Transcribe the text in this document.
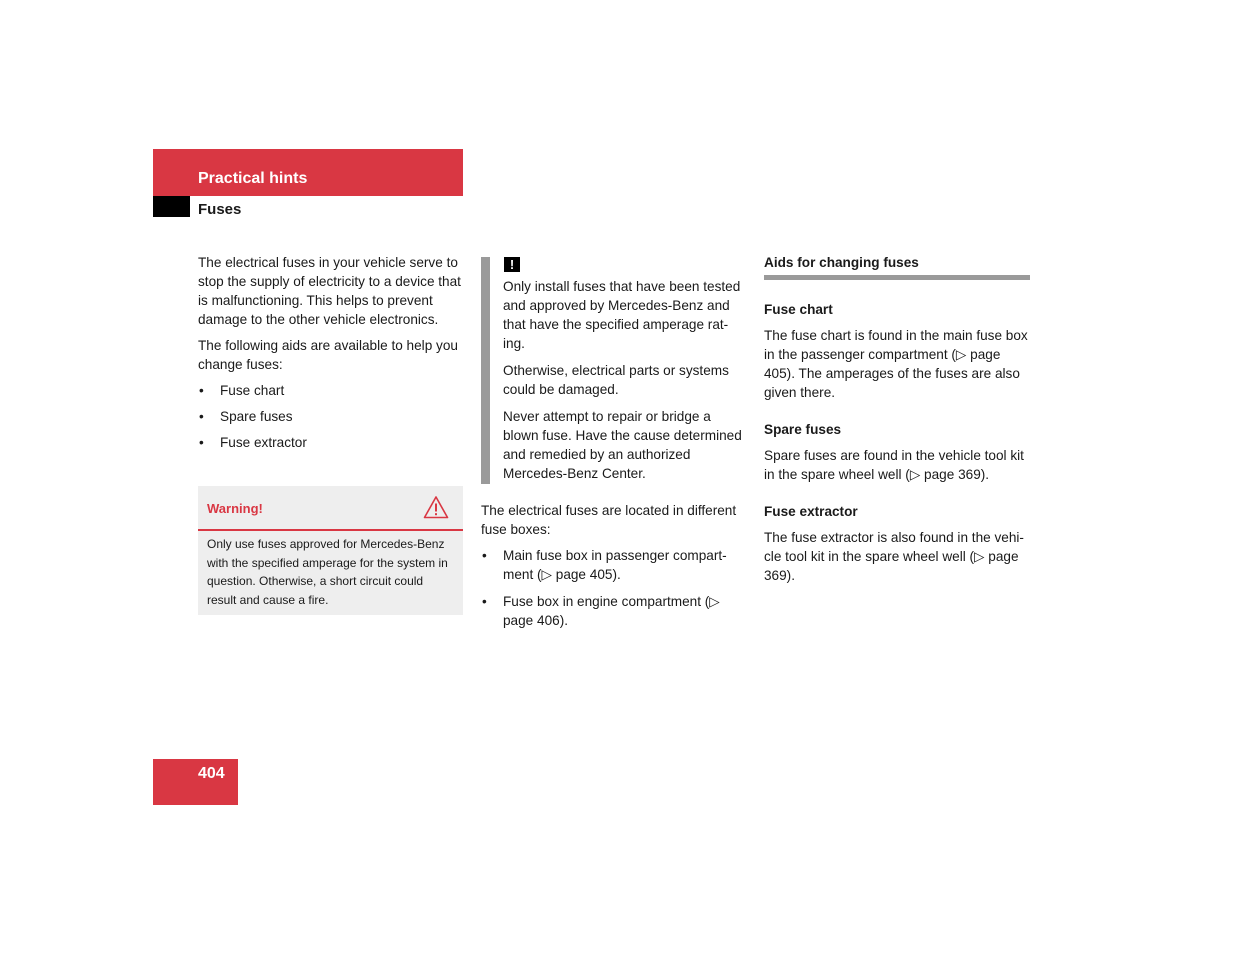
Practical hints
Fuses

The electrical fuses in your vehicle serve to stop the supply of electricity to a device that is malfunctioning. This helps to prevent damage to the other vehicle electronics.

The following aids are available to help you change fuses:

• Fuse chart
• Spare fuses
• Fuse extractor
Warning!
Only use fuses approved for Mercedes-Benz with the specified amperage for the system in question. Otherwise, a short circuit could result and cause a fire.
!

Only install fuses that have been tested and approved by Mercedes-Benz and that have the specified amperage rat-ing.

Otherwise, electrical parts or systems could be damaged.

Never attempt to repair or bridge a blown fuse. Have the cause determined and remedied by an authorized Mercedes-Benz Center.

The electrical fuses are located in different fuse boxes:

• Main fuse box in passenger compart-ment (▷ page 405).
• Fuse box in engine compartment (▷ page 406).
Aids for changing fuses
Fuse chart

The fuse chart is found in the main fuse box in the passenger compartment (▷ page 405). The amperages of the fuses are also given there.

Spare fuses

Spare fuses are found in the vehicle tool kit in the spare wheel well (▷ page 369).

Fuse extractor

The fuse extractor is also found in the vehi-cle tool kit in the spare wheel well (▷ page 369).

404
